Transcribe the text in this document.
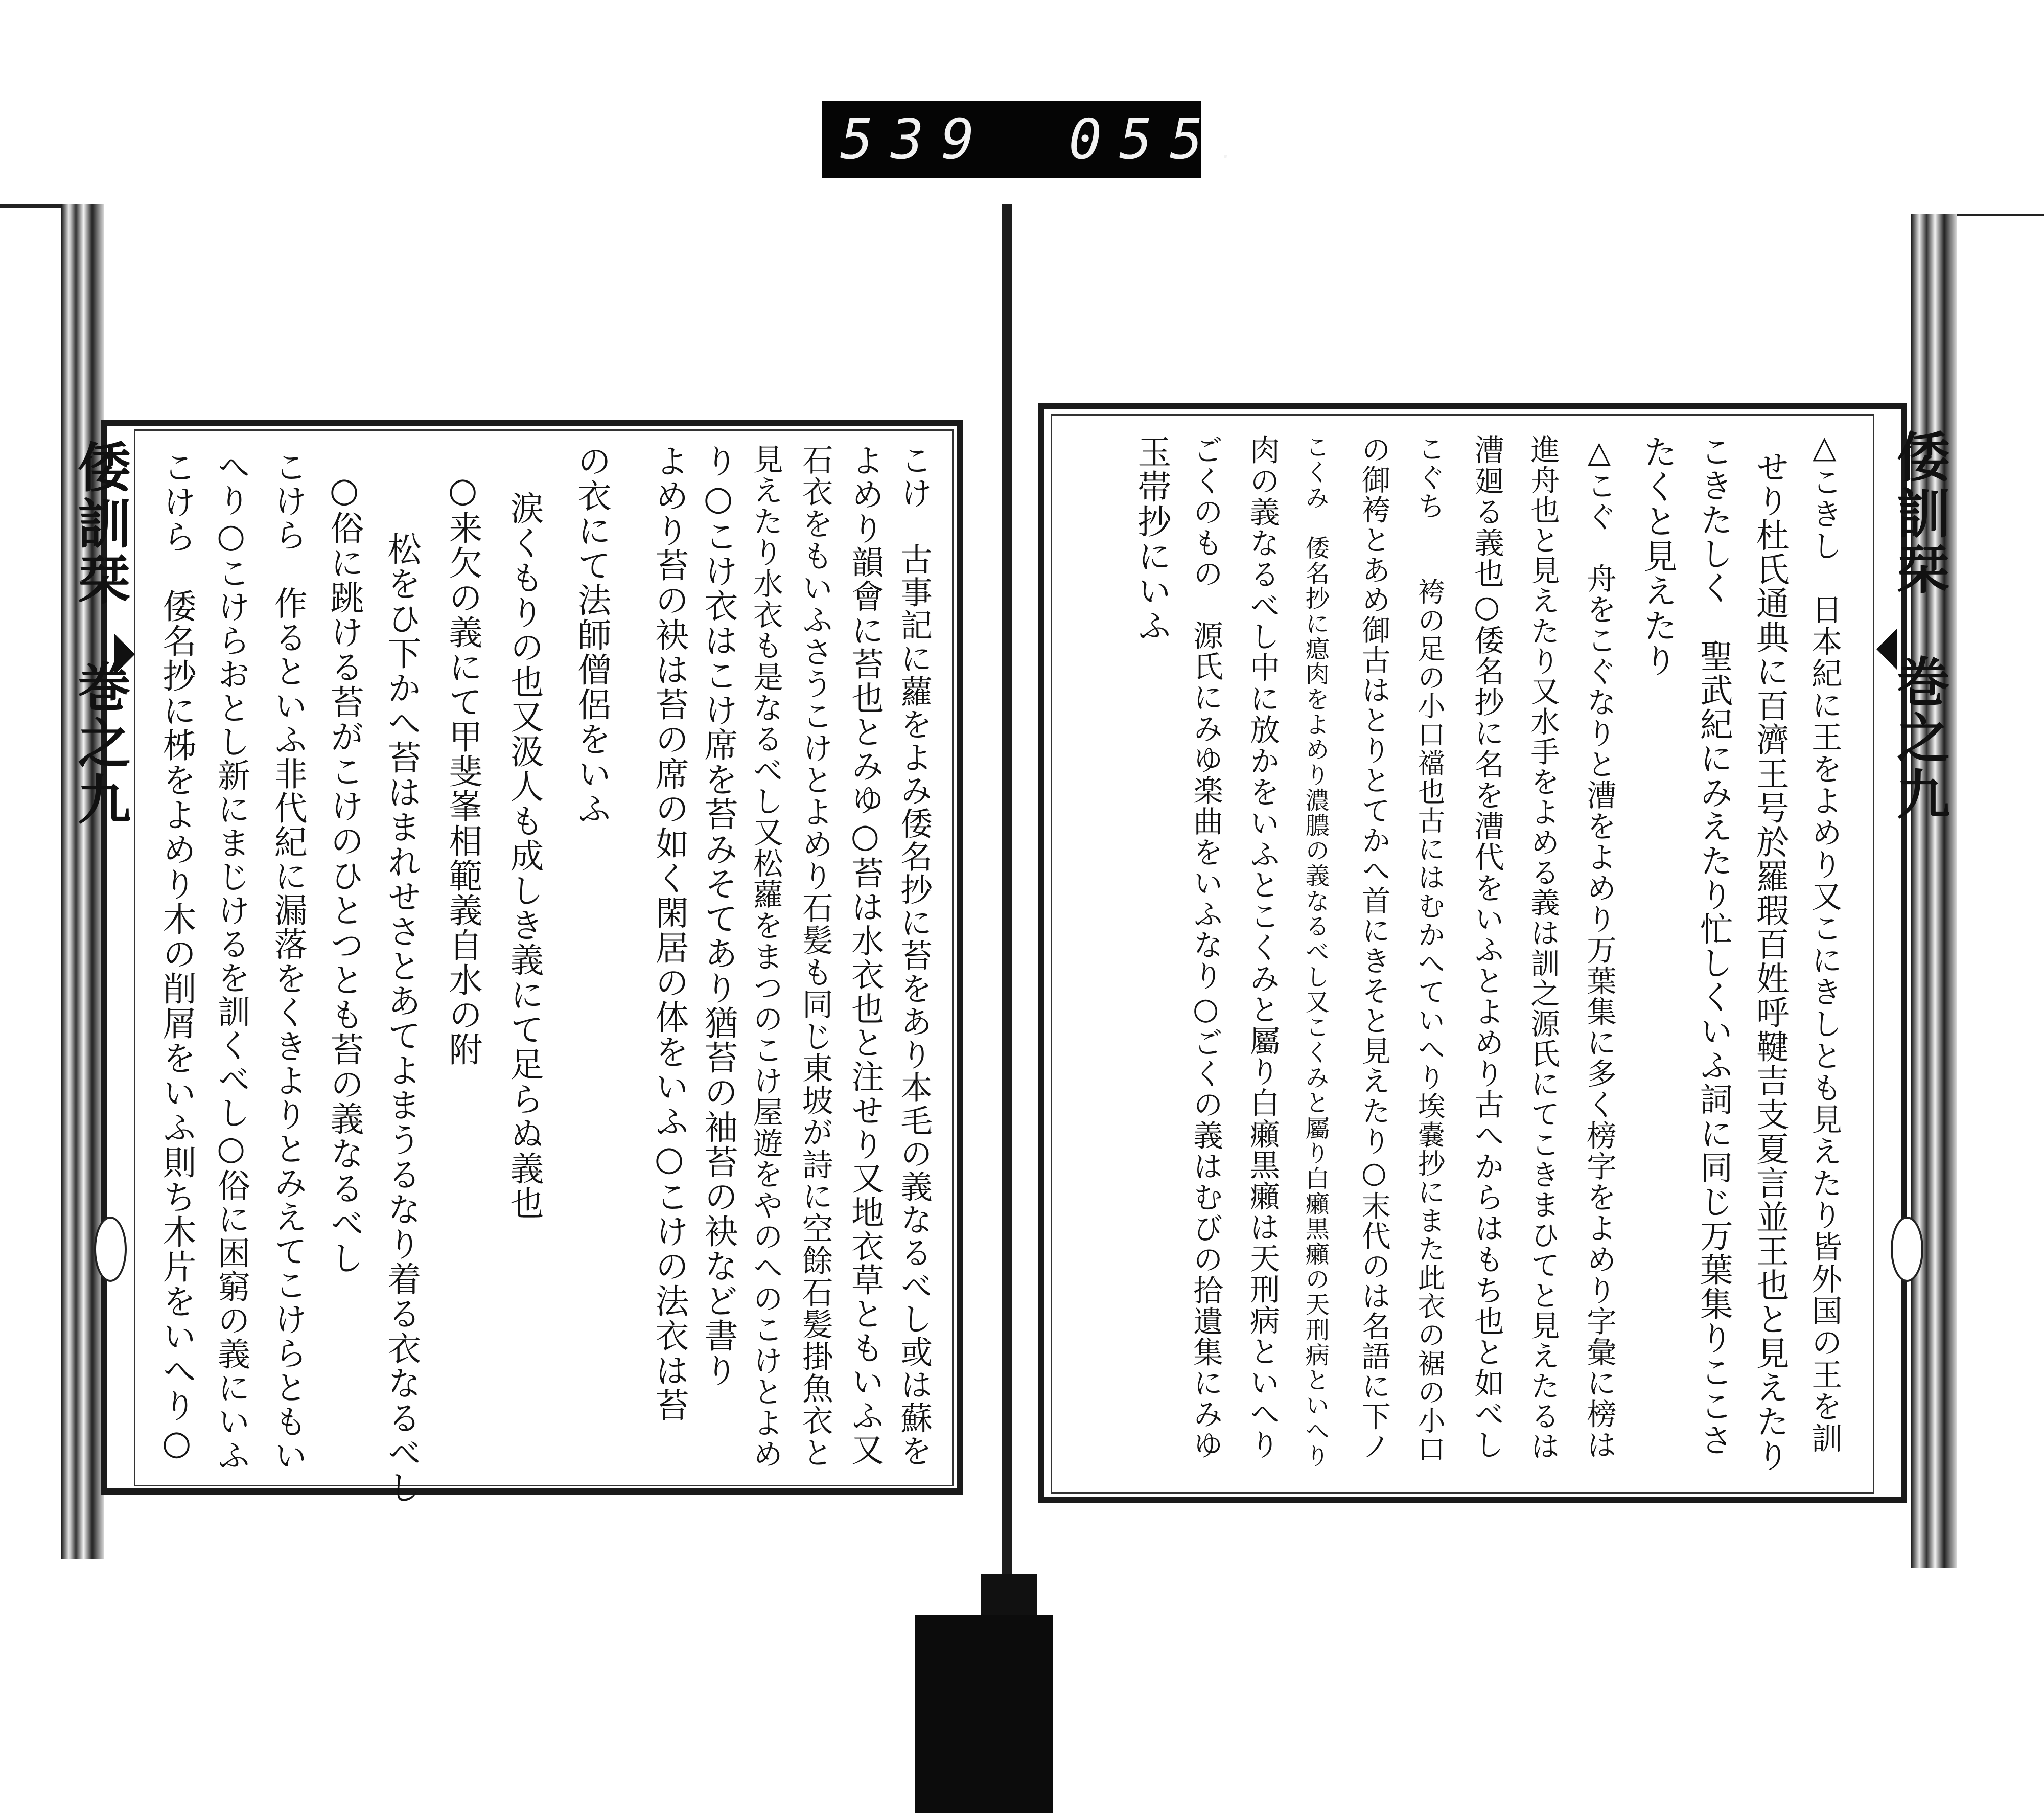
539 055 .
倭訓栞
巻之九	こけ　古事記に蘿をよみ倭名抄に苔をあり本毛の義なるべし或は蘇を
よめり韻會に苔也とみゆ○苔は水衣也と注せり又地衣草ともいふ又
石衣をもいふさうこけとよめり石髪も同じ東坡が詩に空餘石髪掛魚衣と
見えたり水衣も是なるべし又松蘿をまつのこけ屋遊をやのへのこけとよめ
り○こけ衣はこけ席を苔みそてあり猶苔の袖苔の袂など書り
よめり苔の袂は苔の席の如く閑居の体をいふ○こけの法衣は苔
の衣にて法師僧侶をいふ
涙くもりの也又汲人も成しき義にて足らぬ義也
○来欠の義にて甲斐峯相範義自水の附
松をひ下かへ苔はまれせさとあてよまうるなり着る衣なるべし
○俗に跳ける苔がこけのひとつとも苔の義なるべし
こけら　作るといふ非代紀に漏落をくきよりとみえてこけらともい
へり○こけらおとし新にまじけるを訓くべし○俗に困窮の義にいふ
こけら　倭名抄に柹をよめり木の削屑をいふ則ち木片をいへり○	倭訓栞
巻之九
△こきし　日本紀に王をよめり又こにきしとも見えたり皆外国の王を訓
せり杜氏通典に百濟王号於羅瑕百姓呼鞬吉支夏言並王也と見えたり
こきたしく　聖武紀にみえたり忙しくいふ詞に同じ万葉集りここさ
たくと見えたり
△こぐ　舟をこぐなりと漕をよめり万葉集に多く榜字をよめり字彙に榜は
進舟也と見えたり又水手をよめる義は訓之源氏にてこきまひてと見えたるは
漕廻る義也○倭名抄に名を漕代をいふとよめり古へからはもち也と如べし
こぐち　　袴の足の小口襠也古にはむかへていへり埃嚢抄にまた此衣の裾の小口
の御袴とあめ御古はとりとてかへ首にきそと見えたり○末代のは名語に下ノ
こくみ　倭名抄に瘜肉をよめり濃膿の義なるべし又こくみと屬り白癩黒癩の天刑病といへり
肉の義なるべし中に放かをいふとこくみと屬り白癩黒癩は天刑病といへり
ごくのもの　源氏にみゆ楽曲をいふなり○ごくの義はむびの拾遺集にみゆ
玉帯抄にいふ
